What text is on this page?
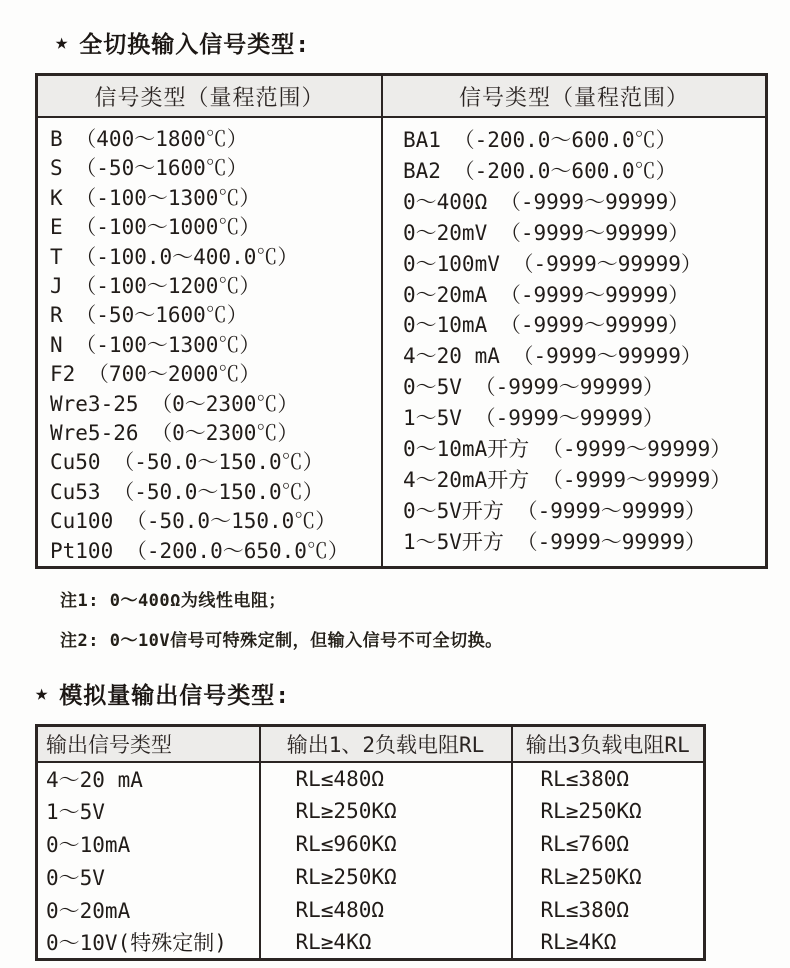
★ 全切换输入信号类型:
信号类型（量程范围）
B （400～1800℃）
S （-50～1600℃）
K （-100～1300℃）
E （-100～1000℃）
T （-100.0～400.0℃）
J （-100～1200℃）
R （-50～1600℃）
N （-100～1300℃）
F2 （700～2000℃）
Wre3-25 （0～2300℃）
Wre5-26 （0～2300℃）
Cu50 （-50.0～150.0℃）
Cu53 （-50.0～150.0℃）
Cu100 （-50.0～150.0℃）
Pt100 （-200.0～650.0℃）
信号类型（量程范围）
BA1 （-200.0～600.0℃）
BA2 （-200.0～600.0℃）
0～400Ω （-9999～99999）
0～20mV （-9999～99999）
0～100mV （-9999～99999）
0～20mA （-9999～99999）
0～10mA （-9999～99999）
4～20 mA （-9999～99999）
0～5V （-9999～99999）
1～5V （-9999～99999）
0～10mA开方 （-9999～99999）
4～20mA开方 （-9999～99999）
0～5V开方 （-9999～99999）
1～5V开方 （-9999～99999）

注1: 0～400Ω为线性电阻；

注2: 0～10V信号可特殊定制，但输入信号不可全切换。

★ 模拟量输出信号类型:
输出信号类型	输出1、2负载电阻RL	输出3负载电阻RL
4～20 mA	RL≤480Ω	RL≤380Ω
1～5V	RL≥250KΩ	RL≥250KΩ
0～10mA	RL≤960KΩ	RL≤760Ω
0～5V	RL≥250KΩ	RL≥250KΩ
0～20mA	RL≤480Ω	RL≤380Ω
0～10V(特殊定制)	RL≥4KΩ	RL≥4KΩ
